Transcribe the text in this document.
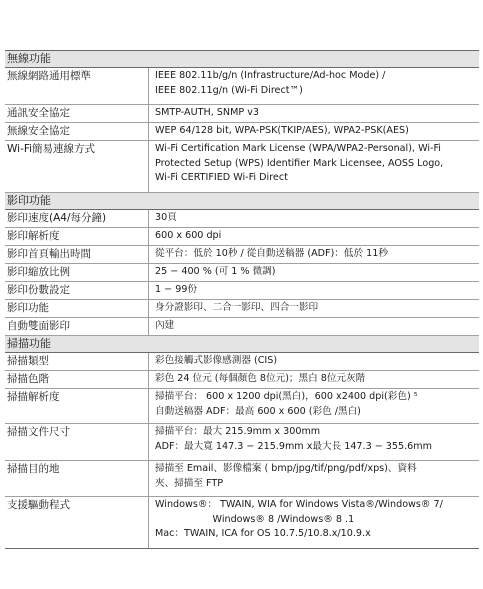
無線功能
無線網路通用標準	IEEE 802.11b/g/n (Infrastructure/Ad-hoc Mode) /
IEEE 802.11g/n (Wi-Fi Direct™)
通訊安全協定	SMTP-AUTH, SNMP v3
無線安全協定	WEP 64/128 bit, WPA-PSK(TKIP/AES), WPA2-PSK(AES)
Wi-Fi簡易連線方式	Wi-Fi Certification Mark License (WPA/WPA2-Personal), Wi-Fi
Protected Setup (WPS) Identifier Mark Licensee, AOSS Logo,
Wi-Fi CERTIFIED Wi-Fi Direct
影印功能
影印速度(A4/每分鐘)	30頁
影印解析度	600 x 600 dpi
影印首頁輸出時間	從平台：低於 10秒 / 從自動送稿器 (ADF)：低於 11秒
影印縮放比例	25 − 400 % (可 1 % 微調)
影印份數設定	1 − 99份
影印功能	身分證影印、二合一影印、四合一影印
自動雙面影印	內建
掃描功能
掃描類型	彩色接觸式影像感測器 (CIS)
掃描色階	彩色 24 位元 (每個顏色 8位元)；黑白 8位元灰階
掃描解析度	掃描平台： 600 x 1200 dpi(黑白)，600 x2400 dpi(彩色) ⁵
自動送稿器 ADF：最高 600 x 600 (彩色 /黑白)
掃描文件尺寸	掃描平台：最大 215.9mm x 300mm
ADF：最大寬 147.3 − 215.9mm x最大長 147.3 − 355.6mm
掃描目的地	掃描至 Email、影像檔案 ( bmp/jpg/tif/png/pdf/xps)、資料
夾、掃描至 FTP
支援驅動程式	Windows®： TWAIN, WIA for Windows Vista®/Windows® 7/
　　　　　　Windows® 8 /Windows® 8 .1
Mac：TWAIN, ICA for OS 10.7.5/10.8.x/10.9.x
